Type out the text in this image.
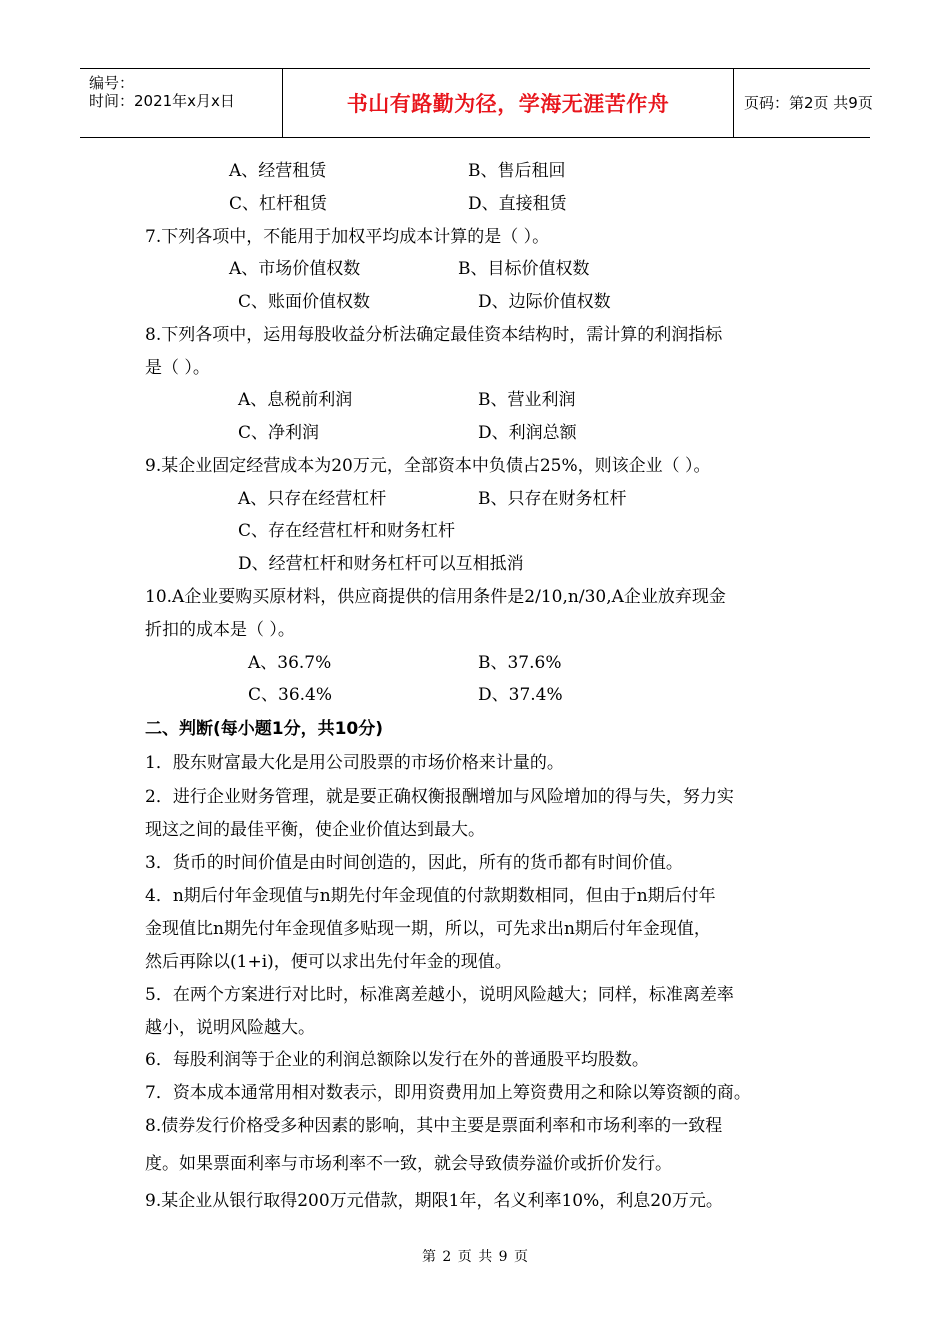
编号：
时间：2021年x月x日	书山有路勤为径，学海无涯苦作舟	页码：第2页 共9页
A、经营租赁	B、售后租回
C、杠杆租赁	D、直接租赁
7.下列各项中，不能用于加权平均成本计算的是（ ）。
A、市场价值权数	B、目标价值权数
C、账面价值权数	D、边际价值权数
8.下列各项中，运用每股收益分析法确定最佳资本结构时，需计算的利润指标
是（ ）。
A、息税前利润	B、营业利润
C、净利润	D、利润总额
9.某企业固定经营成本为20万元，全部资本中负债占25%，则该企业（ ）。
A、只存在经营杠杆	B、只存在财务杠杆
C、存在经营杠杆和财务杠杆
D、经营杠杆和财务杠杆可以互相抵消
10.A企业要购买原材料，供应商提供的信用条件是2/10,n/30,A企业放弃现金
折扣的成本是（ ）。
A、36.7%	B、37.6%
C、36.4%	D、37.4%
二、判断(每小题1分，共10分)
1．股东财富最大化是用公司股票的市场价格来计量的。
2．进行企业财务管理，就是要正确权衡报酬增加与风险增加的得与失，努力实
现这之间的最佳平衡，使企业价值达到最大。
3．货币的时间价值是由时间创造的，因此，所有的货币都有时间价值。
4．n期后付年金现值与n期先付年金现值的付款期数相同，但由于n期后付年
金现值比n期先付年金现值多贴现一期，所以，可先求出n期后付年金现值，
然后再除以(1+i)，便可以求出先付年金的现值。
5．在两个方案进行对比时，标准离差越小，说明风险越大；同样，标准离差率
越小，说明风险越大。
6．每股利润等于企业的利润总额除以发行在外的普通股平均股数。
7．资本成本通常用相对数表示，即用资费用加上筹资费用之和除以筹资额的商。
8.债券发行价格受多种因素的影响，其中主要是票面利率和市场利率的一致程
度。如果票面利率与市场利率不一致，就会导致债券溢价或折价发行。
9.某企业从银行取得200万元借款，期限1年，名义利率10%，利息20万元。
第 2 页 共 9 页
